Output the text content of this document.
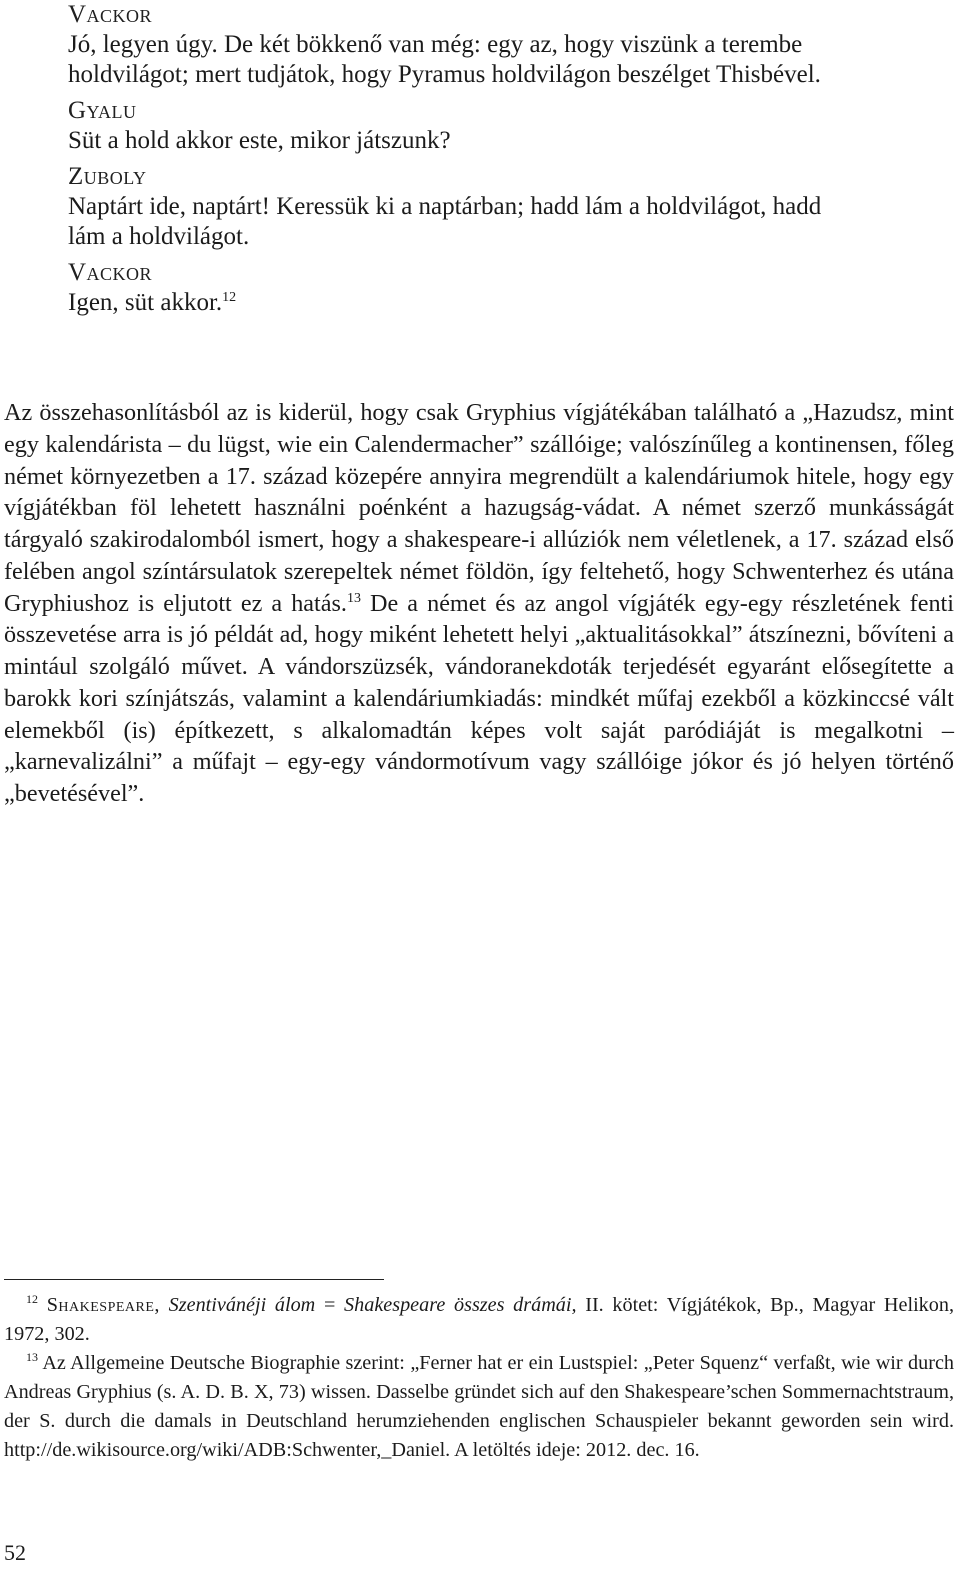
Vackor
Jó, legyen úgy. De két bökkenő van még: egy az, hogy viszünk a terembe
holdvilágot; mert tudjátok, hogy Pyramus holdvilágon beszélget Thisbével.
Gyalu
Süt a hold akkor este, mikor játszunk?
Zuboly
Naptárt ide, naptárt! Keressük ki a naptárban; hadd lám a holdvilágot, hadd
lám a holdvilágot.
Vackor
Igen, süt akkor.$^{12}$

Az összehasonlításból az is kiderül, hogy csak Gryphius vígjátékában található a „Hazudsz, mint egy kalendárista – du lügst, wie ein Calendermacher” szállóige; valószínűleg a kontinensen, főleg német környezetben a 17. század közepére annyira megrendült a kalendáriumok hitele, hogy egy vígjátékban föl lehetett használni poénként a hazugság-vádat. A német szerző munkásságát tárgyaló szakirodalomból ismert, hogy a shakespeare-i allúziók nem véletlenek, a 17. század első felében angol színtársulatok szerepeltek német földön, így feltehető, hogy Schwenterhez és utána Gryphiushoz is eljutott ez a hatás.$^{13}$ De a német és az angol vígjáték egy-egy részletének fenti összevetése arra is jó példát ad, hogy miként lehetett helyi „aktualitásokkal” átszínezni, bővíteni a mintául szolgáló művet. A vándorszüzsék, vándoranekdoták terjedését egyaránt elősegítette a barokk kori színjátszás, valamint a kalendáriumkiadás: mindkét műfaj ezekből a közkinccsé vált elemekből (is) építkezett, s alkalomadtán képes volt saját paródiáját is megalkotni – „karnevalizálni” a műfajt – egy-egy vándormotívum vagy szállóige jókor és jó helyen történő „bevetésével”.

$^{12}$ Shakespeare, Szentivánéji álom = Shakespeare összes drámái, II. kötet: Vígjátékok, Bp., Magyar Helikon, 1972, 302.
$^{13}$ Az Allgemeine Deutsche Biographie szerint: „Ferner hat er ein Lustspiel: „Peter Squenz“ verfaßt, wie wir durch Andreas Gryphius (s. A. D. B. X, 73) wissen. Dasselbe gründet sich auf den Shakespeare’schen Sommernachtstraum, der S. durch die damals in Deutschland herumziehenden englischen Schauspieler bekannt geworden sein wird. http://de.wikisource.org/wiki/ADB:Schwenter,_Daniel. A letöltés ideje: 2012. dec. 16.
52
